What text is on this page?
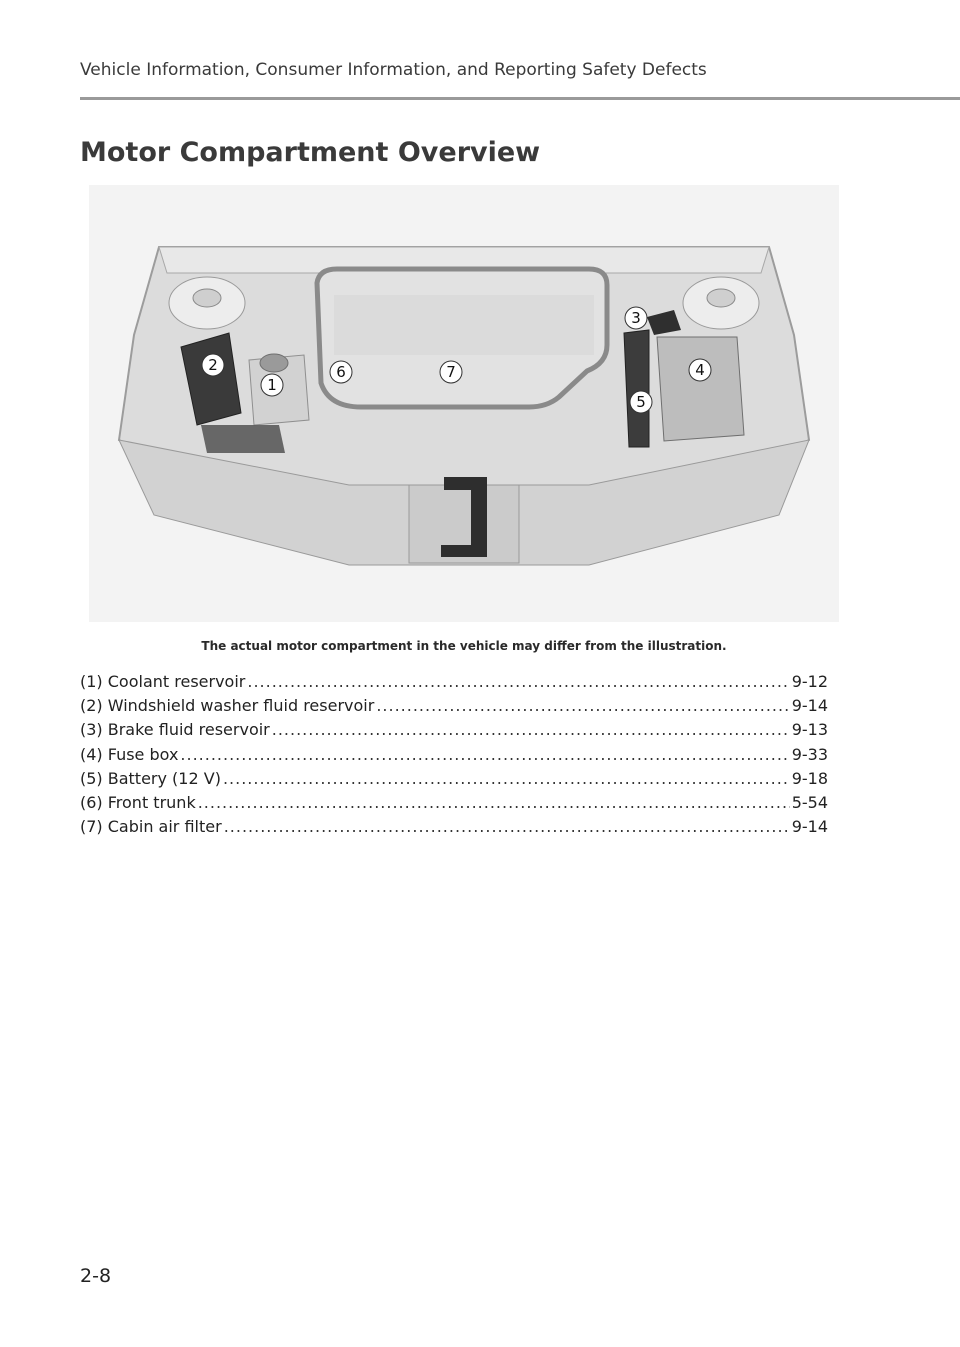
Vehicle Information, Consumer Information, and Reporting Safety Defects
Motor Compartment Overview
1
2
3
4
5
6	7
The actual motor compartment in the vehicle may differ from the illustration.
(1) Coolant reservoir .....	9-12
(2) Windshield washer fluid reservoir .....	9-14
(3) Brake fluid reservoir .....	9-13
(4) Fuse box .....	9-33
(5) Battery (12 V) .....	9-18
(6) Front trunk .....	5-54
(7) Cabin air filter .....	9-14
2-8
